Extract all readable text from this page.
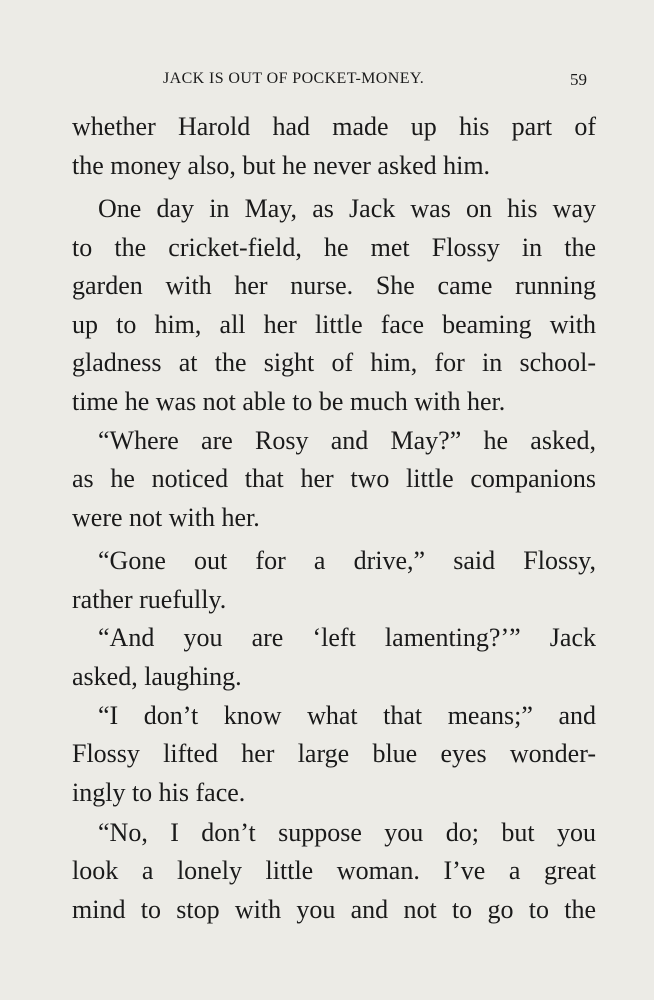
JACK IS OUT OF POCKET-MONEY.	59
whether Harold had made up his part of
the money also, but he never asked him.
One day in May, as Jack was on his way
to the cricket-field, he met Flossy in the
garden with her nurse. She came running
up to him, all her little face beaming with
gladness at the sight of him, for in school-
time he was not able to be much with her.
“Where are Rosy and May?” he asked,
as he noticed that her two little companions
were not with her.
“Gone out for a drive,” said Flossy,
rather ruefully.
“And you are ‘left lamenting?’” Jack
asked, laughing.
“I don’t know what that means;” and
Flossy lifted her large blue eyes wonder-
ingly to his face.
“No, I don’t suppose you do; but you
look a lonely little woman. I’ve a great
mind to stop with you and not to go to the
